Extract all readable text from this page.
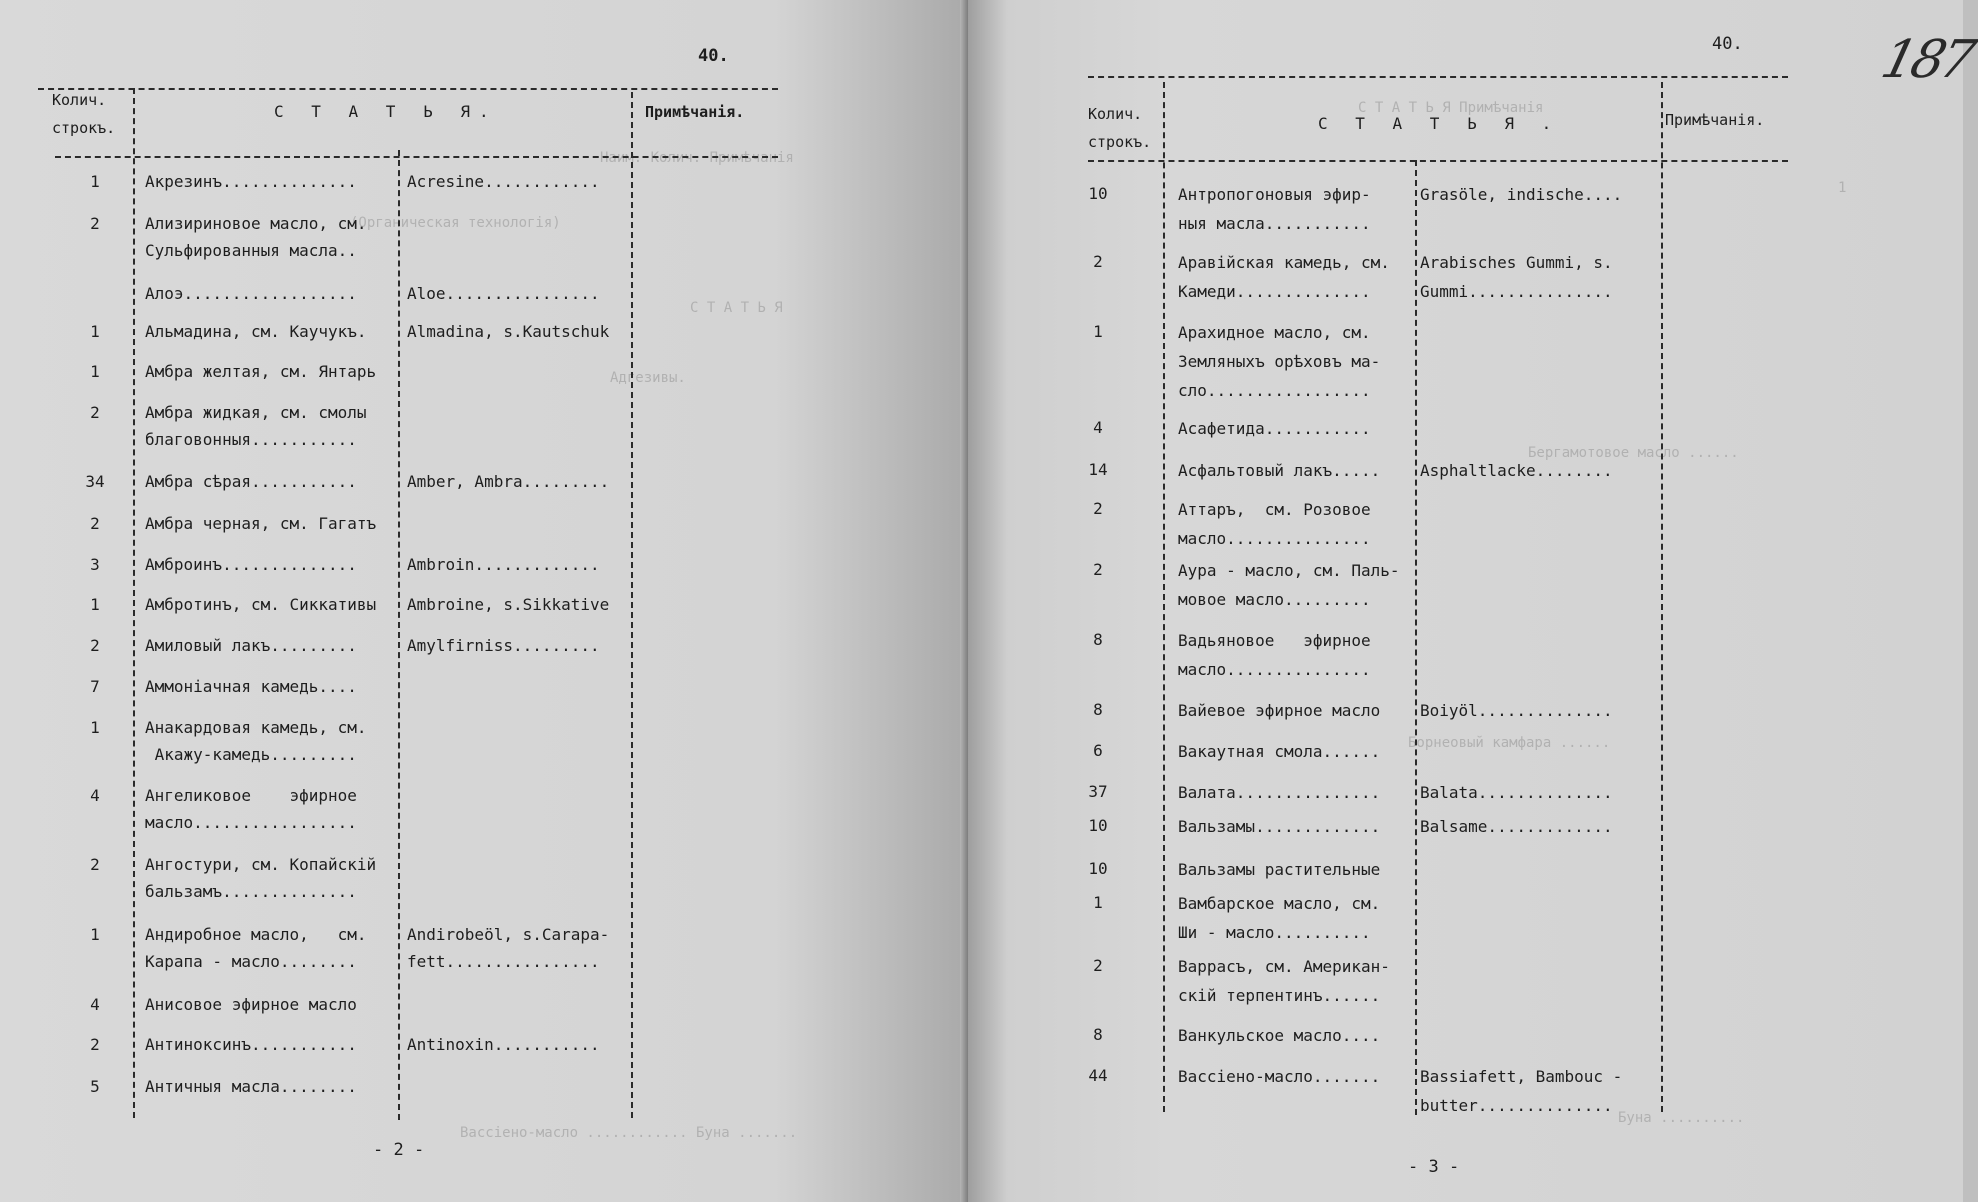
Наим. Колич. Примѣчанія
(Органическая технологія)
С Т А Т Ь Я
Адгезивы.
Вассіено-масло ............ Буна .......
40.
Колич.
строкъ.
С Т А Т Ь Я.	Примѣчанія.
1	Акрезинъ..............	Acresine............
2	Ализириновое масло, см.
Сульфированныя масла..
Алоэ..................	Aloe................
1	Альмадина, см. Каучукъ.	Almadina, s.Kautschuk
1	Амбра желтая, см. Янтарь
2	Амбра жидкая, см. смолы
благовонныя...........
34	Амбра сѣрая...........	Amber, Ambra.........
2	Амбра черная, см. Гагатъ
3	Амброинъ..............	Ambroin.............
1	Амбротинъ, см. Сиккативы Ambroine, s.Sikkative
2	Амиловый лакъ.........	Amylfirniss.........
7	Аммоніачная камедь....
1	Анакардовая камедь, см.
Акажу-камедь.........
4	Ангеликовое    эфирное
масло.................
2	Ангостури, см. Копайскій
бальзамъ..............
1	Андиробное масло,   см.
Карапа - масло........
Andirobeöl, s.Carapa-
fett................
4	Анисовое эфирное масло
2	Антиноксинъ...........	Antinoxin...........
5	Античныя масла........
- 2 -
С Т А Т Ь Я Примѣчанія
1
Бергамотовое масло ......
Борнеовый камфара ......
Буна ..........
40.	187
Колич.
строкъ.
С Т А Т Ь Я .	Примѣчанія.
10	Антропогоновыя эфир-
ныя масла...........
Grasöle, indische....
2	Аравійская камедь, см.
Камеди..............
Arabisches Gummi, s.
Gummi...............
1	Арахидное масло, см.
Земляныхъ орѣховъ ма-
сло.................
4	Асафетида...........
14	Асфальтовый лакъ..... Asphaltlacke........
2	Аттаръ,  см. Розовое
масло...............
2	Аура - масло, см. Паль-
мовое масло.........
8	Вадьяновое   эфирное
масло...............
8	Вайевое эфирное масло Boiyöl..............
6	Вакаутная смола......
37	Валата............... Balata..............
10	Вальзамы............. Balsame.............
10	Вальзамы растительные
1	Вамбарское масло, см.
Ши - масло..........
2	Варрасъ, см. Американ-
скій терпентинъ......
8	Ванкульское масло....
44	Вассіено-масло....... Bassiafett, Bambouc -
butter..............
- 3 -
